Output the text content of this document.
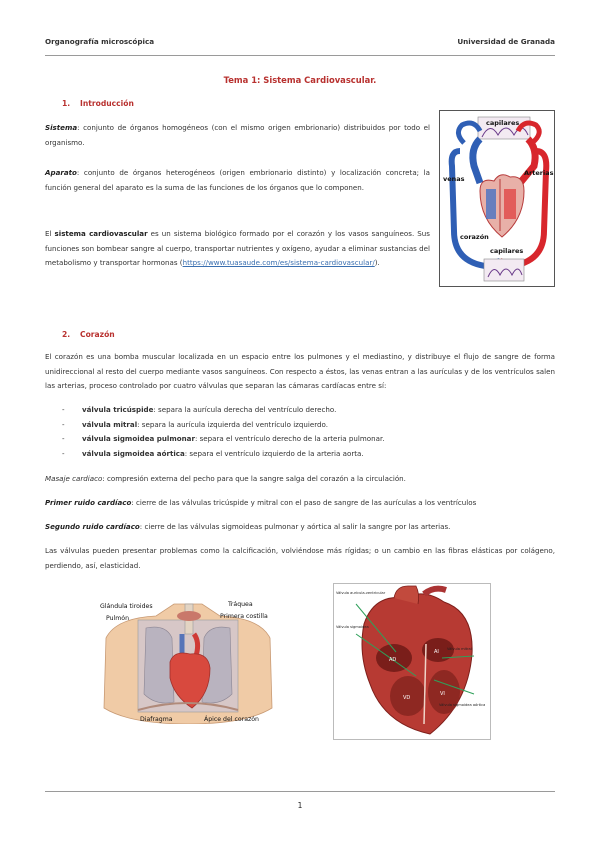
Organografía microscópica	Universidad de Granada
Tema 1: Sistema Cardiovascular.
1. Introducción

Sistema: conjunto de órganos homogéneos (con el mismo origen embrionario) distribuidos por todo el organismo.

Aparato: conjunto de órganos heterogéneos (origen embrionario distinto) y localización concreta; la función general del aparato es la suma de las funciones de los órganos que lo componen.

El sistema cardiovascular es un sistema biológico formado por el corazón y los vasos sanguíneos. Sus funciones son bombear sangre al cuerpo, transportar nutrientes y oxígeno, ayudar a eliminar sustancias del metabolismo y transportar hormonas (https://www.tuasaude.com/es/sistema-cardiovascular/).

capilares
venas
Arterias
corazón
capilares
2. Corazón

El corazón es una bomba muscular localizada en un espacio entre los pulmones y el mediastino, y distribuye el flujo de sangre de forma unidireccional al resto del cuerpo mediante vasos sanguíneos. Con respecto a éstos, las venas entran a las aurículas y de los ventrículos salen las arterias, proceso controlado por cuatro válvulas que separan las cámaras cardíacas entre sí:

- válvula tricúspide: separa la aurícula derecha del ventrículo derecho.
- válvula mitral: separa la aurícula izquierda del ventrículo izquierdo.
- válvula sigmoidea pulmonar: separa el ventrículo derecho de la arteria pulmonar.
- válvula sigmoidea aórtica: separa el ventrículo izquierdo de la arteria aorta.

Masaje cardiaco: compresión externa del pecho para que la sangre salga del corazón a la circulación.

Primer ruido cardíaco: cierre de las válvulas tricúspide y mitral con el paso de sangre de las aurículas a los ventrículos

Segundo ruido cardíaco: cierre de las válvulas sigmoideas pulmonar y aórtica al salir la sangre por las arterias.

Las válvulas pueden presentar problemas como la calcificación, volviéndose más rígidas; o un cambio en las fibras elásticas por colágeno, perdiendo, así, elasticidad.

Glándula tiroides
Pulmón
Tráquea
Primera costilla
Diafragma	Ápice del corazón
AD
AI
VD
VI
Válvula aurícula-ventricular
Válvula sigmoidea
Válvula mitral
Válvula sigmoidea aórtica
1
